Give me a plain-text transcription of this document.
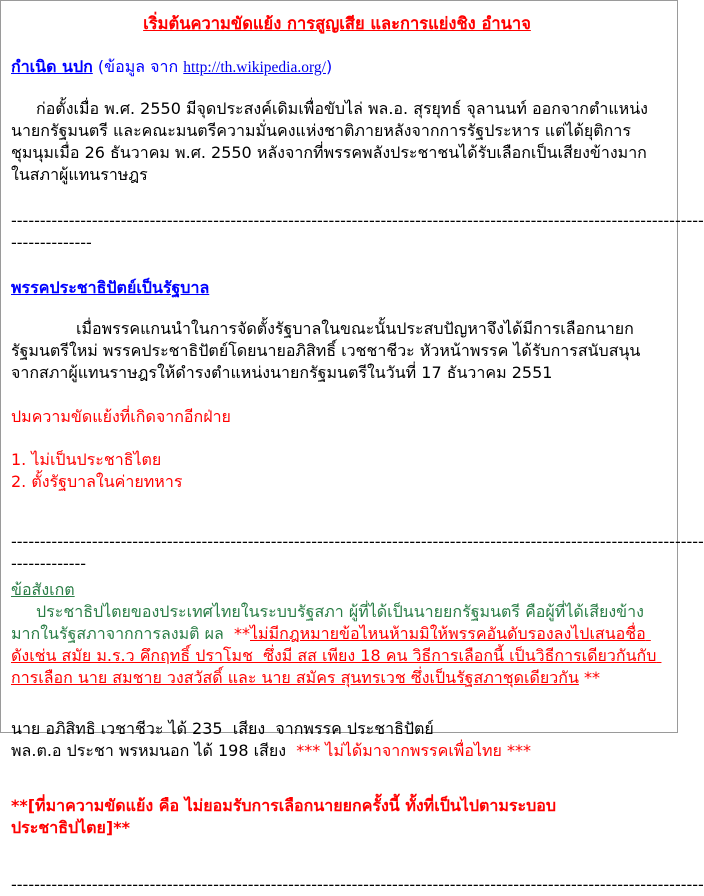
เริ่มต้นความขัดแย้ง การสูญเสีย และการแย่งชิง อำนาจ
กำเนิด นปก (ข้อมูล จาก http://th.wikipedia.org/)

ก่อตั้งเมื่อ พ.ศ. 2550 มีจุดประสงค์เดิมเพื่อขับไล่ พล.อ. สุรยุทธ์ จุลานนท์ ออกจากตำแหน่งนายกรัฐมนตรี และคณะมนตรีความมั่นคงแห่งชาติภายหลังจากการรัฐประหาร แต่ได้ยุติการชุมนุมเมื่อ 26 ธันวาคม พ.ศ. 2550 หลังจากที่พรรคพลังประชาชนได้รับเลือกเป็นเสียงข้างมากในสภาผู้แทนราษฎร

------------------------------------------------------------------------------------------------------------------------
--------------
พรรคประชาธิปัตย์เป็นรัฐบาล

เมื่อพรรคแกนนำในการจัดตั้งรัฐบาลในขณะนั้นประสบปัญหาจึงได้มีการเลือกนายกรัฐมนตรีใหม่ พรรคประชาธิปัตย์โดยนายอภิสิทธิ์ เวชชาชีวะ หัวหน้าพรรค ได้รับการสนับสนุนจากสภาผู้แทนราษฎรให้ดำรงตำแหน่งนายกรัฐมนตรีในวันที่ 17 ธันวาคม 2551

ปมความขัดแย้งที่เกิดจากอีกฝ่าย
1. ไม่เป็นประชาธิไตย
2. ตั้งรัฐบาลในค่ายทหาร
------------------------------------------------------------------------------------------------------------------------
-------------
ข้อสังเกต

ประชาธิปไตยของประเทศไทยในระบบรัฐสภา ผู้ที่ได้เป็นนายยกรัฐมนตรี คือผู้ที่ได้เสียงข้างมากในรัฐสภาจากการลงมติ ผล  **ไม่มีกฎหมายข้อไหนห้ามมิให้พรรคอันดับรองลงไปเสนอชื่อ ดังเช่น สมัย ม.ร.ว คึกฤทธิ์ ปราโมช  ซึ่งมี สส เพียง 18 คน วิธีการเลือกนี้ เป็นวิธีการเดียวกันกับ การเลือก นาย สมชาย วงสวัสดิ์ และ นาย สมัคร สุนทรเวช ซึ่งเป็นรัฐสภาชุดเดียวกัน **

นาย อภิสิทธิ เวชาชีวะ ได้ 235  เสียง  จากพรรค ประชาธิปัตย์
พล.ต.อ ประชา พรหมนอก ได้ 198 เสียง  *** ไม่ได้มาจากพรรคเพื่อไทย ***
**[ที่มาความขัดแย้ง คือ ไม่ยอมรับการเลือกนายยกครั้งนี้ ทั้งที่เป็นไปตามระบอบประชาธิปไตย]**
------------------------------------------------------------------------------------------------------------------------
